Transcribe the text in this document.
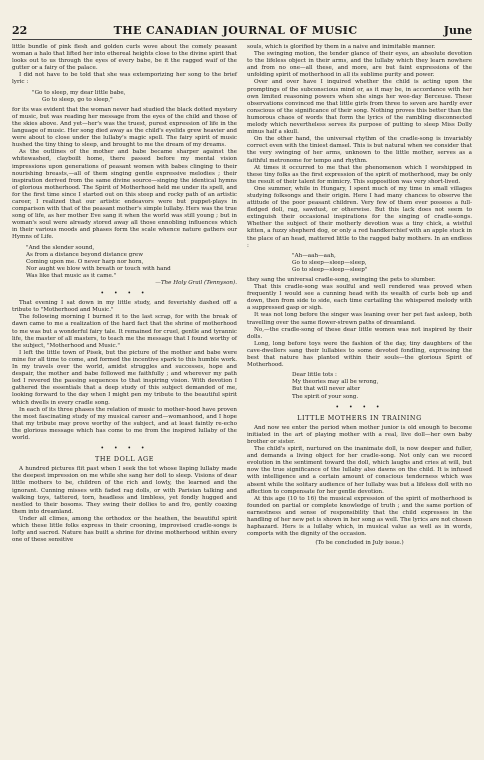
22	THE CANADIAN JOURNAL OF MUSIC	June

little bundle of pink flesh and golden curls wove about the comely peasant woman a halo that lifted her into ethereal heights close to the divine spirit that looks out to us through the eyes of every babe, be it the ragged waif of the gutter or a fairy of the palace.

I did not have to be told that she was extemporizing her song to the brief lyric :

"Go to sleep, my dear little babe,
Go to sleep, go to sleep,"

for its was evident that the woman never had studied the black dotted mystery of music, but was reading her message from the eyes of the child and those of the skies above. And yet—her's was the truest, purest expression of life in the language of music. Her song died away as the child's eyelids grew heavier and were about to close under the lullaby's magic spell. The fairy spirit of music hushed the tiny thing to sleep, and brought to me the dream of my dreams.

As the outlines of the mother and babe became sharper against the whitewashed, clayboilt home, there passed before my mental vision impressions upon generations of peasant women with babes clinging to their nourishing breasts,—all of them singing gentle expressive melodies ; their inspiration derived from the same divine source—singing the identical hymns of glorious motherhood. The Spirit of Motherhood held me under its spell, and for the first time since I started out on this steep and rocky path of an artistic career, I realized that our artistic endeavors were but puppet-plays in comparison with that of the peasant mother's simple lullaby. Hers was the true song of life, as her mother Eve sang it when the world was still young ; but in woman's soul were already stored away all those ennobling influences which in their various moods and phases form the scale whence nature gathers our Hymns of Life.

"And the slender sound,
As from a distance beyond distance grew
Coming upon me. O never harp nor horn,
Nor aught we blow with breath or touch with hand
Was like that music as it came."
—The Holy Grail (Tennyson).
• • • •

That evening I sat down in my little study, and feverishly dashed off a tribute to "Motherhood and Music."

The following morning I burned it to the last scrap, for with the break of dawn came to me a realization of the hard fact that the shrine of motherhood to me was but a wonderful fairy tale. It remained for cruel, gentle and tyrannic life, the master of all masters, to teach me the message that I found worthy of the subject, "Motherhood and Music."

I left the little town of Pisek, but the picture of the mother and babe were mine for all time to come, and formed the incentive spark to this humble work. In my travels over the world, amidst struggles and successes, hope and despair, the mother and babe followed me faithfully ; and wherever my path led I revered the passing sequences to that inspiring vision. With devotion I gathered the essentials that a deep study of this subject demanded of me, looking forward to the day when I might pen my tribute to the beautiful spirit which dwells in every cradle song.

In each of its three phases the relation of music to mother-hood have proven the most fascinating study of my musical career and—womanhood, and I hope that my tribute may prove worthy of the subject, and at least faintly re-echo the glorious message which has come to me from the inspired lullaby of the world.

• • • •
THE DOLL AGE

A hundred pictures flit past when I seek the tot whose lisping lullaby made the deepest impression on me while she sang her doll to sleep. Visions of dear little mothers to be, children of the rich and lowly, the learned and the ignorant. Cunning misses with faded rag dolls, or with Parisian talking and walking toys, tattered, torn, headless and limbless, yet fondly hugged and nestled to their bosoms. They swing their dollies to and fro, gently coaxing them into dreamland.

Under all climes, among the orthodox or the heathen, the beautiful spirit which these little folks express in their crooning, improvised cradle-songs is lofty and sacred. Nature has built a shrine for divine motherhood within every one of these sensitive

souls, which is glorified by them in a naive and inimitable manner.

The swinging motion, the tender glance of their eyes, an absolute devotion to the lifeless object in their arms, and the lullaby which they learn nowhere and from no one—all these, and more, are but faint expressions of the unfolding spirit of motherhood in all its sublime purity and power.

Over and over have I inquired whether the child is acting upon the promptings of the subconscious mind or, as it may be, in accordance with her own limited reasoning powers when she sings her wee-day Berceuse. These observations convinced me that little girls from three to seven are hardly ever conscious of the significance of their song. Nothing proves this better than the humorous chaos of words that form the lyrics of the rambling disconnected melody which nevertheless serves its purpose of putting to sleep Miss Dolly minus half a skull.

On the other hand, the universal rhythm of the cradle-song is invariably correct even with the tiniest damsel. This is but natural when we consider that the very swinging of her arms, unknown to the little mother, serves as a faithful metronome for tempo and rhythm.

At times it occurred to me that the phenomenon which I worshipped in these tiny folks as the first expression of the spirit of motherhood, may be only the result of their talent for mimicry. This supposition was very short-lived.

One summer, while in Hungary, I spent much of my time in small villages studying folksongs and their origin. Here I had many chances to observe the attitude of the poor peasant children. Very few of them ever possess a full-fledged doll, rag, sawdust, or otherwise. But this lack does not seem to extinguish their occasional inspirations for the singing of cradle-songs. Whether the subject of their motherly devotion was a tiny chick, a wistful kitten, a fuzzy shepherd dog, or only a red handkerchief with an apple stuck in the place of an head, mattered little to the ragged baby mothers. In an endless :

"Ah—aah—aah,
Go to sleep—sleep—sleep,
Go to sleep—sleep—sleep"

they sang the universal cradle-song, swinging the pets to slumber.

That this cradle-song was soulful and well rendered was proved when frequently I would see a cunning head with its wealth of curls bob up and down, then from side to side, each time curtailing the whispered melody with a suppressed gasp or sigh.

It was not long before the singer was leaning over her pet fast asleep, both travelling over the same flower-strewn paths of dreamland.

No,—the cradle-song of these dear little women was not inspired by their dolls.

Long, long before toys were the fashion of the day, tiny daughters of the cave-dwellers sang their lullabies to some devoted fondling, expressing the best that nature has planted within their souls—the glorious Spirit of Motherhood.

Dear little tots :
My theories may all be wrong,
But that will never alter
The spirit of your song.
• • • •
LITTLE MOTHERS IN TRAINING

And now we enter the period when mother junior is old enough to become initiated in the art of playing mother with a real, live doll—her own baby brother or sister.

The child's spirit, nurtured on the inanimate doll, is now deeper and fuller, and demands a living object for her cradle-song. Not only can we record evolution in the sentiment toward the doll, which laughs and cries at will, but now the true significance of the lullaby also dawns on the child. It is infused with intelligence and a certain amount of conscious tenderness which was absent while the solitary audience of her lullaby was but a lifeless doll with no affection to compensate for her gentle devotion.

At this age (10 to 16) the musical expression of the spirit of motherhood is founded on partial or complete knowledge of truth ; and the same portion of earnestness and sense of responsibility that the child expresses in the handling of her new pet is shown in her song as well. The lyrics are not chosen haphazard. Hers is a lullaby which, in musical value as well as in words, comports with the dignity of the occasion.

(To be concluded in July issue.)
